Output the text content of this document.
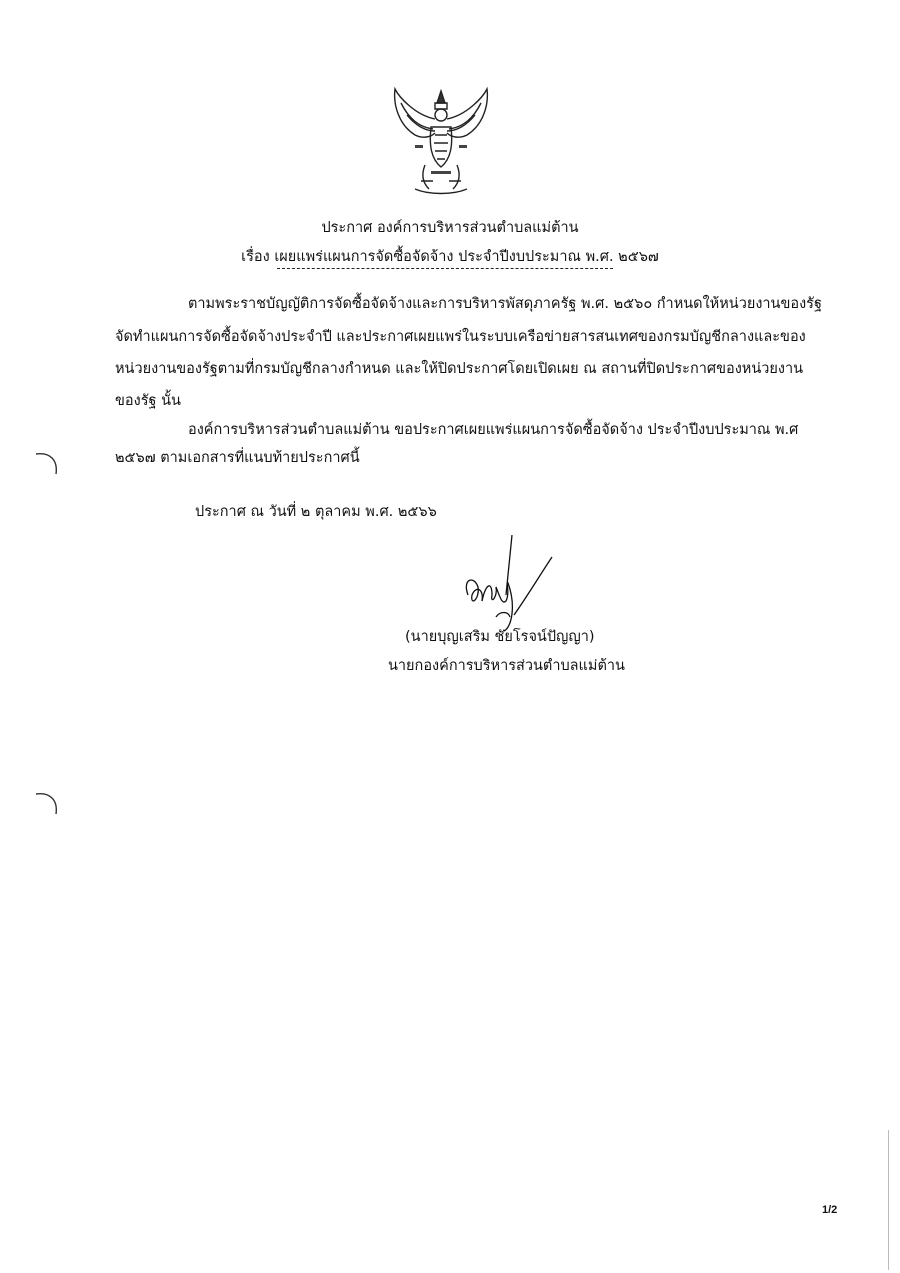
ประกาศ องค์การบริหารส่วนตำบลแม่ต้าน
เรื่อง เผยแพร่แผนการจัดซื้อจัดจ้าง ประจำปีงบประมาณ พ.ศ. ๒๕๖๗
ตามพระราชบัญญัติการจัดซื้อจัดจ้างและการบริหารพัสดุภาครัฐ พ.ศ. ๒๕๖๐ กำหนดให้หน่วยงานของรัฐ
จัดทำแผนการจัดซื้อจัดจ้างประจำปี และประกาศเผยแพร่ในระบบเครือข่ายสารสนเทศของกรมบัญชีกลางและของ
หน่วยงานของรัฐตามที่กรมบัญชีกลางกำหนด และให้ปิดประกาศโดยเปิดเผย ณ สถานที่ปิดประกาศของหน่วยงาน
ของรัฐ นั้น
องค์การบริหารส่วนตำบลแม่ต้าน ขอประกาศเผยแพร่แผนการจัดซื้อจัดจ้าง ประจำปีงบประมาณ พ.ศ
๒๕๖๗ ตามเอกสารที่แนบท้ายประกาศนี้
ประกาศ ณ วันที่ ๒ ตุลาคม พ.ศ. ๒๕๖๖
(นายบุญเสริม ชัยโรจน์ปัญญา)
นายกองค์การบริหารส่วนตำบลแม่ต้าน
1/2
